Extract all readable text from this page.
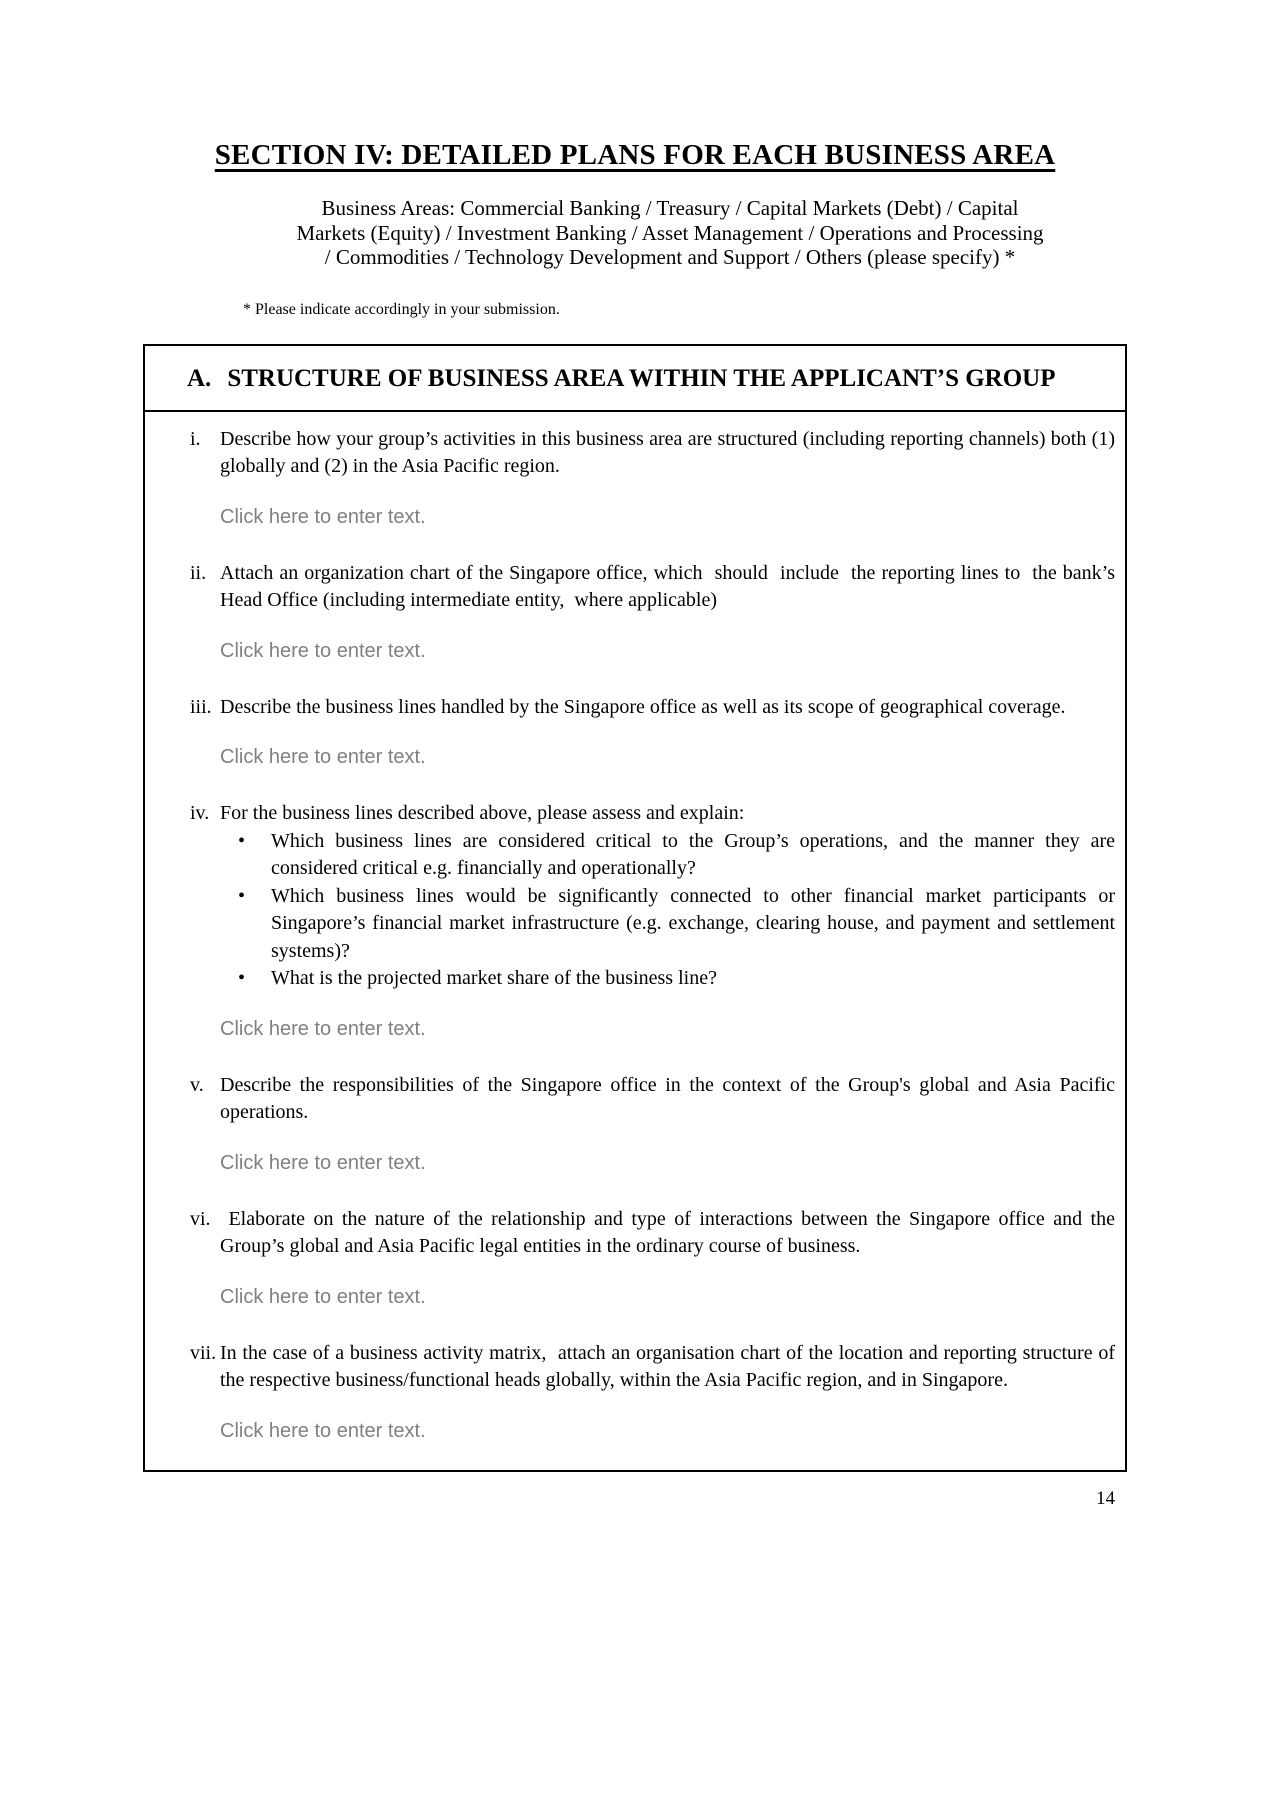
SECTION IV: DETAILED PLANS FOR EACH BUSINESS AREA
Business Areas: Commercial Banking / Treasury / Capital Markets (Debt) / Capital
Markets (Equity) / Investment Banking / Asset Management / Operations and Processing
/ Commodities / Technology Development and Support / Others (please specify) *

* Please indicate accordingly in your submission.

A. STRUCTURE OF BUSINESS AREA WITHIN THE APPLICANT’S GROUP

i. Describe how your group’s activities in this business area are structured (including reporting channels) both (1) globally and (2) in the Asia Pacific region.

Click here to enter text.

ii. Attach an organization chart of the Singapore office, which  should  include  the reporting lines to  the bank’s  Head Office (including intermediate entity,  where applicable)

Click here to enter text.

iii. Describe the business lines handled by the Singapore office as well as its scope of geographical coverage.

Click here to enter text.

iv. For the business lines described above, please assess and explain:

•	Which business lines are considered critical to the Group’s operations, and the manner they are considered critical e.g. financially and operationally?
•	Which business lines would be significantly connected to other financial market participants or Singapore’s financial market infrastructure (e.g. exchange, clearing house, and payment and settlement systems)?
•	What is the projected market share of the business line?

Click here to enter text.

v. Describe the responsibilities of the Singapore office in the context of the Group's global and Asia Pacific operations.

Click here to enter text.

vi. Elaborate on the nature of the relationship and type of interactions between the Singapore office and the Group’s global and Asia Pacific legal entities in the ordinary course of business.

Click here to enter text.

vii. In the case of a business activity matrix,  attach an organisation chart of the location and reporting structure of the respective business/functional heads globally, within the Asia Pacific region, and in Singapore.

Click here to enter text.

14
